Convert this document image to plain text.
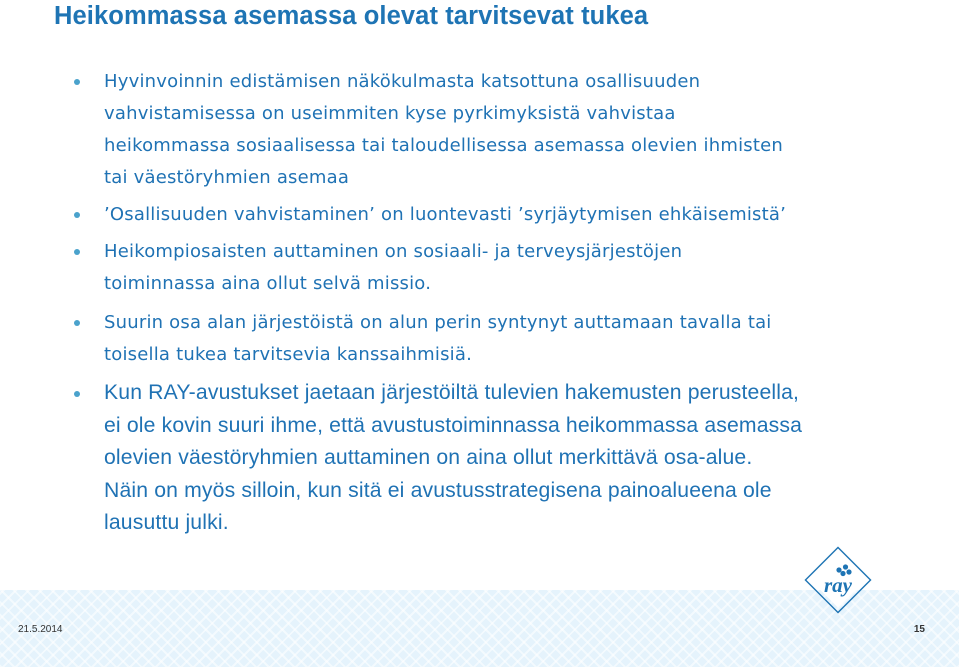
Heikommassa asemassa olevat tarvitsevat tukea
Hyvinvoinnin edistämisen näkökulmasta katsottuna osallisuuden
vahvistamisessa on useimmiten kyse pyrkimyksistä vahvistaa
heikommassa sosiaalisessa tai taloudellisessa asemassa olevien ihmisten
tai väestöryhmien asemaa
’Osallisuuden vahvistaminen’ on luontevasti ’syrjäytymisen ehkäisemistä’
Heikompiosaisten auttaminen on sosiaali- ja terveysjärjestöjen
toiminnassa aina ollut selvä missio.
Suurin osa alan järjestöistä on alun perin syntynyt auttamaan tavalla tai
toisella tukea tarvitsevia kanssaihmisiä.
Kun RAY-avustukset jaetaan järjestöiltä tulevien hakemusten perusteella,
ei ole kovin suuri ihme, että avustustoiminnassa heikommassa asemassa
olevien väestöryhmien auttaminen on aina ollut merkittävä osa-alue.
Näin on myös silloin, kun sitä ei avustusstrategisena painoalueena ole
lausuttu julki.
ray
21.5.2014	15
